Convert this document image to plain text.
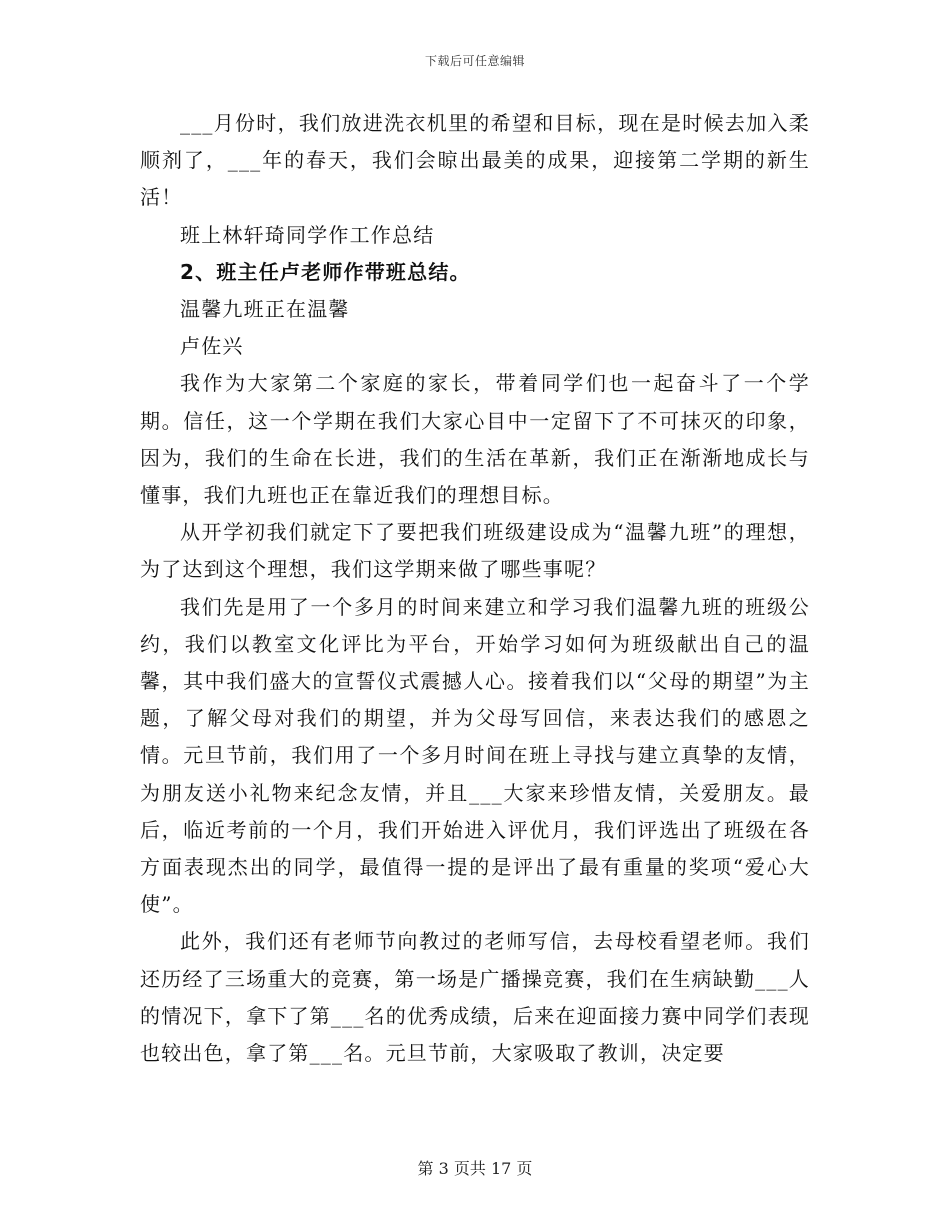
下载后可任意编辑

___月份时，我们放进洗衣机里的希望和目标，现在是时候去加入柔顺剂了，___年的春天，我们会晾出最美的成果，迎接第二学期的新生活！

班上林轩琦同学作工作总结

2、班主任卢老师作带班总结。

温馨九班正在温馨

卢佐兴

我作为大家第二个家庭的家长，带着同学们也一起奋斗了一个学期。信任，这一个学期在我们大家心目中一定留下了不可抹灭的印象，因为，我们的生命在长进，我们的生活在革新，我们正在渐渐地成长与懂事，我们九班也正在靠近我们的理想目标。

从开学初我们就定下了要把我们班级建设成为“温馨九班”的理想，为了达到这个理想，我们这学期来做了哪些事呢？

我们先是用了一个多月的时间来建立和学习我们温馨九班的班级公约，我们以教室文化评比为平台，开始学习如何为班级献出自己的温馨，其中我们盛大的宣誓仪式震撼人心。接着我们以“父母的期望”为主题，了解父母对我们的期望，并为父母写回信，来表达我们的感恩之情。元旦节前，我们用了一个多月时间在班上寻找与建立真挚的友情，为朋友送小礼物来纪念友情，并且___大家来珍惜友情，关爱朋友。最后，临近考前的一个月，我们开始进入评优月，我们评选出了班级在各方面表现杰出的同学，最值得一提的是评出了最有重量的奖项“爱心大使”。

此外，我们还有老师节向教过的老师写信，去母校看望老师。我们还历经了三场重大的竞赛，第一场是广播操竞赛，我们在生病缺勤___人的情况下，拿下了第___名的优秀成绩，后来在迎面接力赛中同学们表现也较出色，拿了第___名。元旦节前，大家吸取了教训，决定要

第 3 页共 17 页
